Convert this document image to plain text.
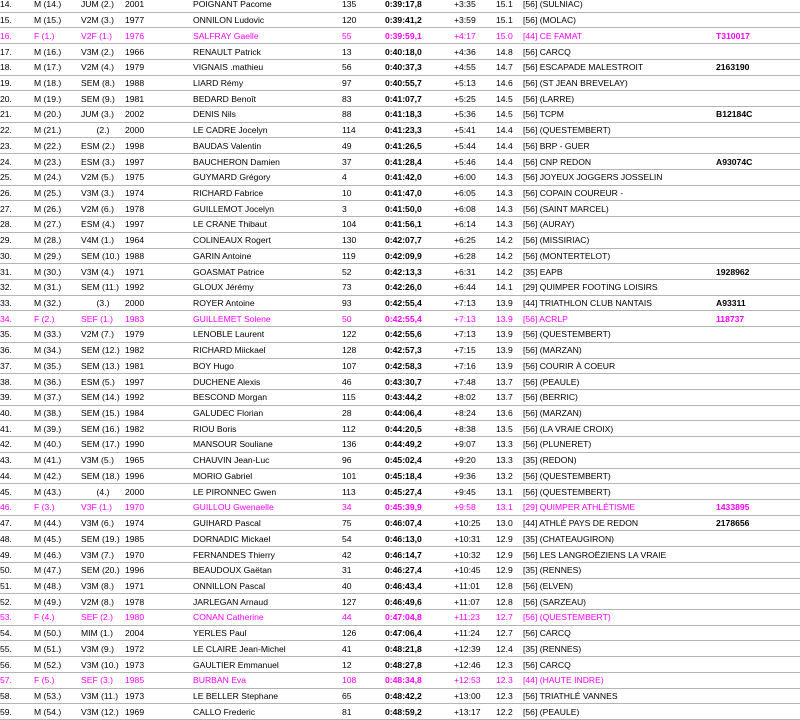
14.	M (14.)	JUM (2.)	2001	POIGNANT Pacome	135	0:39:17,8	+3:35	15.1	[56] (SULNIAC)	
15.	M (15.)	V2M (3.)	1977	ONNILON Ludovic	120	0:39:41,2	+3:59	15.1	[56] (MOLAC)	
16.	F (1.)	V2F (1.)	1976	SALFRAY Gaelle	55	0:39:59,1	+4:17	15.0	[44] CE FAMAT	T310017
17.	M (16.)	V3M (2.)	1966	RENAULT Patrick	13	0:40:18,0	+4:36	14.8	[56] CARCQ	
18.	M (17.)	V2M (4.)	1979	VIGNAIS .mathieu	56	0:40:37,3	+4:55	14.7	[56] ESCAPADE MALESTROIT	2163190
19.	M (18.)	SEM (8.)	1988	LIARD Rémy	97	0:40:55,7	+5:13	14.6	[56] (ST JEAN BREVELAY)	
20.	M (19.)	SEM (9.)	1981	BEDARD Benoît	83	0:41:07,7	+5:25	14.5	[56] (LARRE)	
21.	M (20.)	JUM (3.)	2002	DENIS Nils	88	0:41:18,3	+5:36	14.5	[56] TCPM	B12184C
22.	M (21.)	(2.)	2000	LE CADRE Jocelyn	114	0:41:23,3	+5:41	14.4	[56] (QUESTEMBERT)	
23.	M (22.)	ESM (2.)	1998	BAUDAS Valentin	49	0:41:26,5	+5:44	14.4	[56] BRP - GUER	
24.	M (23.)	ESM (3.)	1997	BAUCHERON Damien	37	0:41:28,4	+5:46	14.4	[56] CNP REDON	A93074C
25.	M (24.)	V2M (5.)	1975	GUYMARD Grégory	4	0:41:42,0	+6:00	14.3	[56] JOYEUX JOGGERS JOSSELIN	
26.	M (25.)	V3M (3.)	1974	RICHARD Fabrice	10	0:41:47,0	+6:05	14.3	[56] COPAIN COUREUR -	
27.	M (26.)	V2M (6.)	1978	GUILLEMOT Jocelyn	3	0:41:50,0	+6:08	14.3	[56] (SAINT MARCEL)	
28.	M (27.)	ESM (4.)	1997	LE CRANE Thibaut	104	0:41:56,1	+6:14	14.3	[56] (AURAY)	
29.	M (28.)	V4M (1.)	1964	COLINEAUX Rogert	130	0:42:07,7	+6:25	14.2	[56] (MISSIRIAC)	
30.	M (29.)	SEM (10.)	1988	GARIN Antoine	119	0:42:09,9	+6:28	14.2	[56] (MONTERTELOT)	
31.	M (30.)	V3M (4.)	1971	GOASMAT Patrice	52	0:42:13,3	+6:31	14.2	[35] EAPB	1928962
32.	M (31.)	SEM (11.)	1992	GLOUX Jérémy	73	0:42:26,0	+6:44	14.1	[29] QUIMPER FOOTING LOISIRS	
33.	M (32.)	(3.)	2000	ROYER Antoine	93	0:42:55,4	+7:13	13.9	[44] TRIATHLON CLUB NANTAIS	A93311
34.	F (2.)	SEF (1.)	1983	GUILLEMET Solene	50	0:42:55,4	+7:13	13.9	[56] ACRLP	118737
35.	M (33.)	V2M (7.)	1979	LENOBLE Laurent	122	0:42:55,6	+7:13	13.9	[56] (QUESTEMBERT)	
36.	M (34.)	SEM (12.)	1982	RICHARD Miickael	128	0:42:57,3	+7:15	13.9	[56] (MARZAN)	
37.	M (35.)	SEM (13.)	1981	BOY Hugo	107	0:42:58,3	+7:16	13.9	[56] COURIR À COEUR	
38.	M (36.)	ESM (5.)	1997	DUCHENE Alexis	46	0:43:30,7	+7:48	13.7	[56] (PEAULE)	
39.	M (37.)	SEM (14.)	1992	BESCOND Morgan	115	0:43:44,2	+8:02	13.7	[56] (BERRIC)	
40.	M (38.)	SEM (15.)	1984	GALUDEC Florian	28	0:44:06,4	+8:24	13.6	[56] (MARZAN)	
41.	M (39.)	SEM (16.)	1982	RIOU Boris	112	0:44:20,5	+8:38	13.5	[56] (LA VRAIE CROIX)	
42.	M (40.)	SEM (17.)	1990	MANSOUR Souliane	136	0:44:49,2	+9:07	13.3	[56] (PLUNERET)	
43.	M (41.)	V3M (5.)	1965	CHAUVIN Jean-Luc	96	0:45:02,4	+9:20	13.3	[35] (REDON)	
44.	M (42.)	SEM (18.)	1996	MORIO Gabriel	101	0:45:18,4	+9:36	13.2	[56] (QUESTEMBERT)	
45.	M (43.)	(4.)	2000	LE PIRONNEC Gwen	113	0:45:27,4	+9:45	13.1	[56] (QUESTEMBERT)	
46.	F (3.)	V3F (1.)	1970	GUILLOU Gwenaelle	34	0:45:39,9	+9:58	13.1	[29] QUIMPER ATHLÉTISME	1433895
47.	M (44.)	V3M (6.)	1974	GUIHARD Pascal	75	0:46:07,4	+10:25	13.0	[44] ATHLÉ PAYS DE REDON	2178656
48.	M (45.)	SEM (19.)	1985	DORNADIC Mickael	54	0:46:13,0	+10:31	12.9	[35] (CHATEAUGIRON)	
49.	M (46.)	V3M (7.)	1970	FERNANDES Thierry	42	0:46:14,7	+10:32	12.9	[56] LES LANGROËZIENS LA VRAIE	
50.	M (47.)	SEM (20.)	1996	BEAUDOUX Gaëtan	31	0:46:27,4	+10:45	12.9	[35] (RENNES)	
51.	M (48.)	V3M (8.)	1971	ONNILLON Pascal	40	0:46:43,4	+11:01	12.8	[56] (ELVEN)	
52.	M (49.)	V2M (8.)	1978	JARLEGAN Arnaud	127	0:46:49,6	+11:07	12.8	[56] (SARZEAU)	
53.	F (4.)	SEF (2.)	1980	CONAN Catherine	44	0:47:04,8	+11:23	12.7	[56] (QUESTEMBERT)	
54.	M (50.)	MIM (1.)	2004	YERLES Paul	126	0:47:06,4	+11:24	12.7	[56] CARCQ	
55.	M (51.)	V3M (9.)	1972	LE CLAIRE Jean-Michel	41	0:48:21,8	+12:39	12.4	[35] (RENNES)	
56.	M (52.)	V3M (10.)	1973	GAULTIER Emmanuel	12	0:48:27,8	+12:46	12.3	[56] CARCQ	
57.	F (5.)	SEF (3.)	1985	BURBAN Eva	108	0:48:34,8	+12:53	12.3	[44] (HAUTE INDRE)	
58.	M (53.)	V3M (11.)	1973	LE BELLER Stephane	65	0:48:42,2	+13:00	12.3	[56] TRIATHLÉ VANNES	
59.	M (54.)	V3M (12.)	1969	CALLO Frederic	81	0:48:59,2	+13:17	12.2	[56] (PEAULE)	
